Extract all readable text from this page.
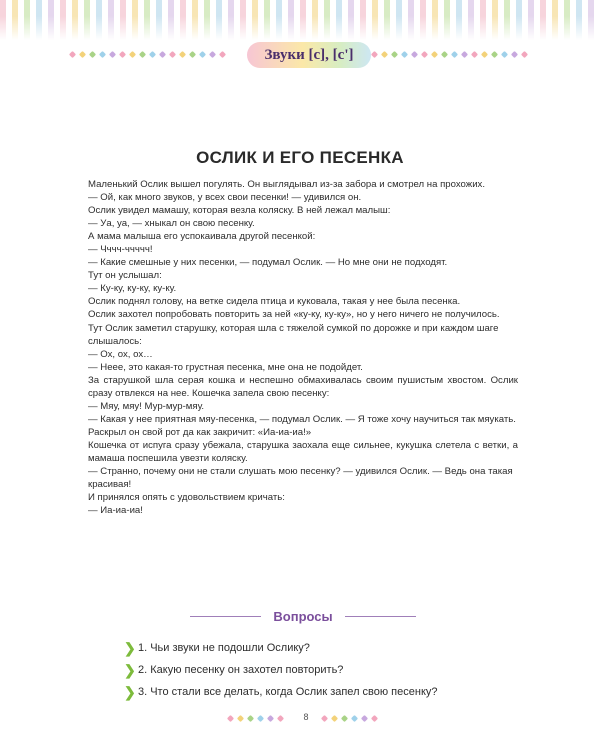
Звуки [с], [с']
ОСЛИК И ЕГО ПЕСЕНКА

Маленький Ослик вышел погулять. Он выглядывал из-за забора и смотрел на прохожих.

— Ой, как много звуков, у всех свои песенки! — удивился он.

Ослик увидел мамашу, которая везла коляску. В ней лежал малыш:

— Уа, уа, — хныкал он свою песенку.

А мама малыша его успокаивала другой песенкой:

— Чччч-ччччч!

— Какие смешные у них песенки, — подумал Ослик. — Но мне они не подходят.

Тут он услышал:

— Ку-ку, ку-ку, ку-ку.

Ослик поднял голову, на ветке сидела птица и куковала, такая у нее была песенка.

Ослик захотел попробовать повторить за ней «ку-ку, ку-ку», но у него ничего не получилось.

Тут Ослик заметил старушку, которая шла с тяжелой сумкой по дорожке и при каждом шаге слышалось:

— Ох, ох, ох…

— Нееe, это какая-то грустная песенка, мне она не подойдет.

За старушкой шла серая кошка и неспешно обмахивалась своим пушистым хвостом. Ослик сразу отвлекся на нее. Кошечка запела свою песенку:

— Мяу, мяу! Мур-мур-мяу.

— Какая у нее приятная мяу-песенка, — подумал Ослик. — Я тоже хочу научиться так мяукать.

Раскрыл он свой рот да как закричит: «Иа-иа-иа!»

Кошечка от испуга сразу убежала, старушка заохала еще сильнее, кукушка слетела с ветки, а мамаша поспешила увезти коляску.

— Странно, почему они не стали слушать мою песенку? — удивился Ослик. — Ведь она такая красивая!

И принялся опять с удовольствием кричать:

— Иа-иа-иа!

Вопросы
❯ 1. Чьи звуки не подошли Ослику?
❯ 2. Какую песенку он захотел повторить?
❯ 3. Что стали все делать, когда Ослик запел свою песенку?
8
